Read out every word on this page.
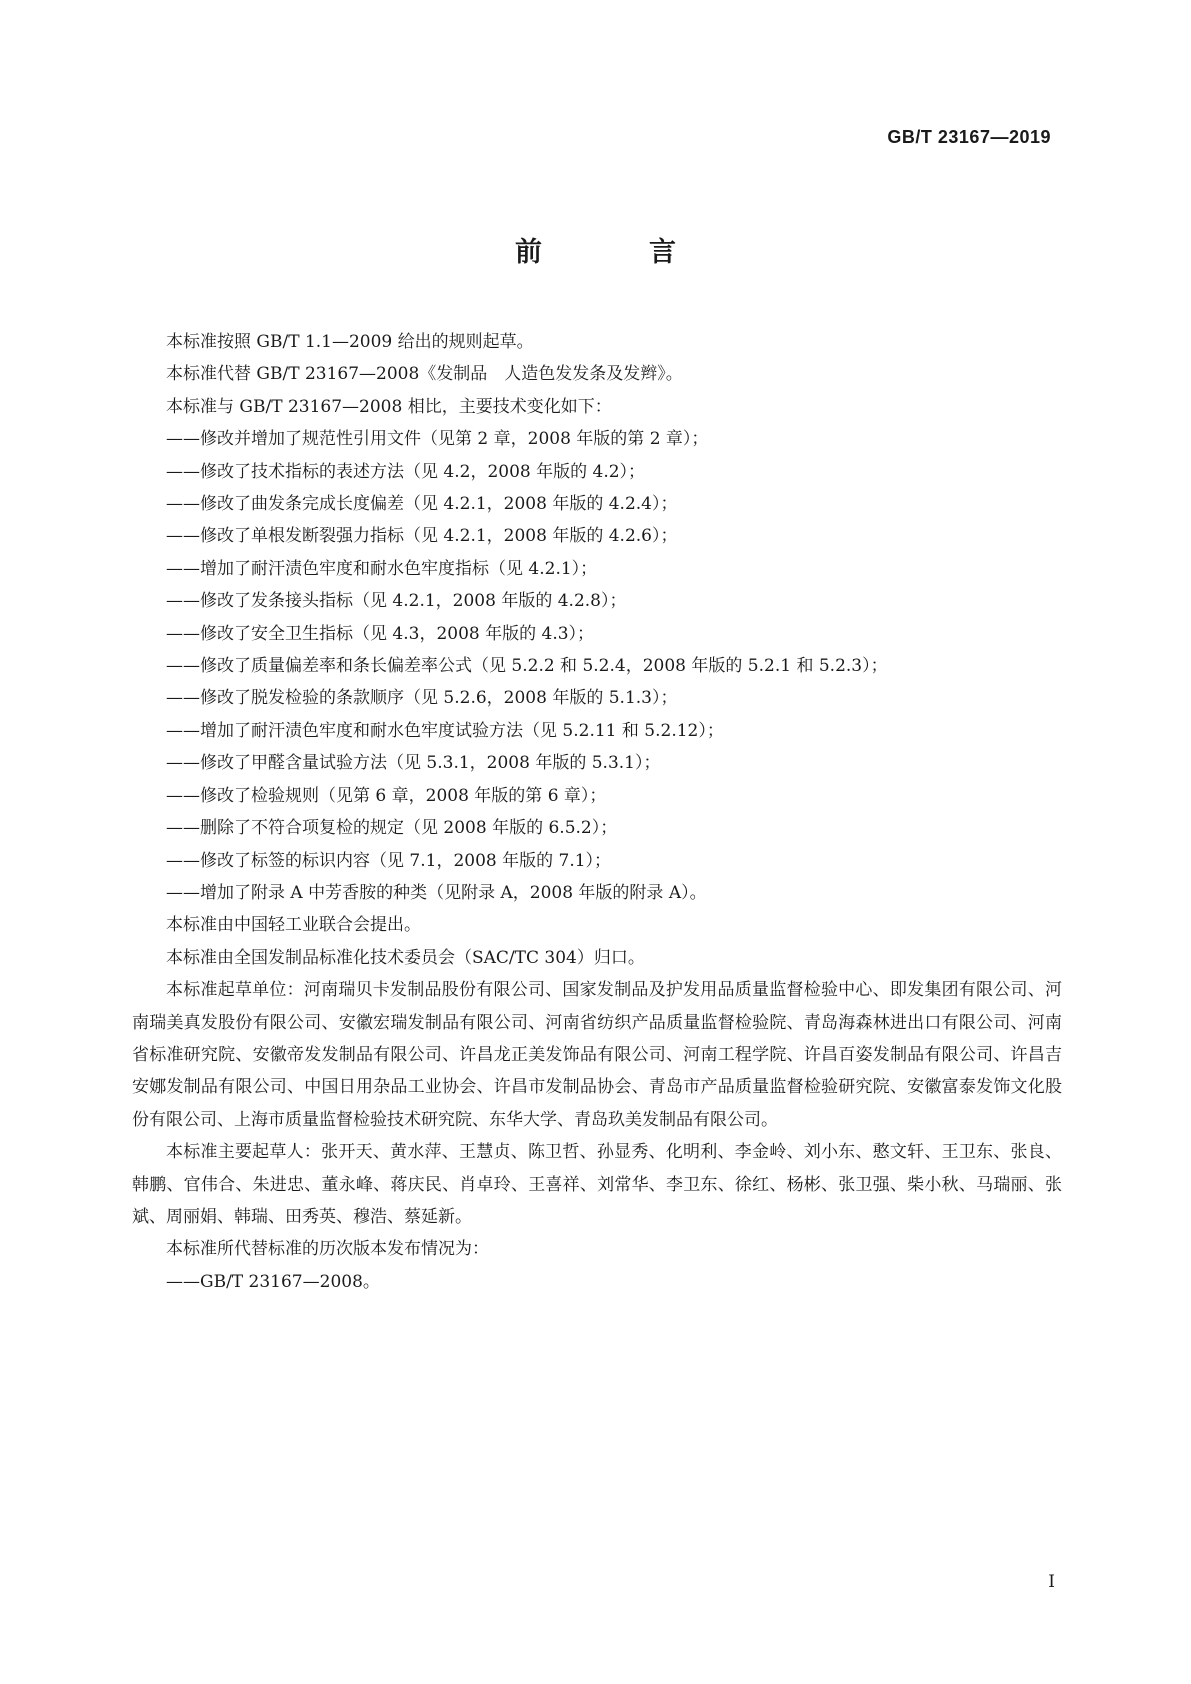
GB/T 23167—2019
前　言

本标准按照 GB/T 1.1—2009 给出的规则起草。

本标准代替 GB/T 23167—2008《发制品　人造色发发条及发辫》。

本标准与 GB/T 23167—2008 相比，主要技术变化如下：

——修改并增加了规范性引用文件（见第 2 章，2008 年版的第 2 章）；

——修改了技术指标的表述方法（见 4.2，2008 年版的 4.2）；

——修改了曲发条完成长度偏差（见 4.2.1，2008 年版的 4.2.4）；

——修改了单根发断裂强力指标（见 4.2.1，2008 年版的 4.2.6）；

——增加了耐汗渍色牢度和耐水色牢度指标（见 4.2.1）；

——修改了发条接头指标（见 4.2.1，2008 年版的 4.2.8）；

——修改了安全卫生指标（见 4.3，2008 年版的 4.3）；

——修改了质量偏差率和条长偏差率公式（见 5.2.2 和 5.2.4，2008 年版的 5.2.1 和 5.2.3）；

——修改了脱发检验的条款顺序（见 5.2.6，2008 年版的 5.1.3）；

——增加了耐汗渍色牢度和耐水色牢度试验方法（见 5.2.11 和 5.2.12）；

——修改了甲醛含量试验方法（见 5.3.1，2008 年版的 5.3.1）；

——修改了检验规则（见第 6 章，2008 年版的第 6 章）；

——删除了不符合项复检的规定（见 2008 年版的 6.5.2）；

——修改了标签的标识内容（见 7.1，2008 年版的 7.1）；

——增加了附录 A 中芳香胺的种类（见附录 A，2008 年版的附录 A）。

本标准由中国轻工业联合会提出。

本标准由全国发制品标准化技术委员会（SAC/TC 304）归口。

本标准起草单位：河南瑞贝卡发制品股份有限公司、国家发制品及护发用品质量监督检验中心、即发集团有限公司、河南瑞美真发股份有限公司、安徽宏瑞发制品有限公司、河南省纺织产品质量监督检验院、青岛海森林进出口有限公司、河南省标准研究院、安徽帝发发制品有限公司、许昌龙正美发饰品有限公司、河南工程学院、许昌百姿发制品有限公司、许昌吉安娜发制品有限公司、中国日用杂品工业协会、许昌市发制品协会、青岛市产品质量监督检验研究院、安徽富泰发饰文化股份有限公司、上海市质量监督检验技术研究院、东华大学、青岛玖美发制品有限公司。

本标准主要起草人：张开天、黄水萍、王慧贞、陈卫哲、孙显秀、化明利、李金岭、刘小东、憨文轩、王卫东、张良、韩鹏、官伟合、朱进忠、董永峰、蒋庆民、肖卓玲、王喜祥、刘常华、李卫东、徐红、杨彬、张卫强、柴小秋、马瑞丽、张斌、周丽娟、韩瑞、田秀英、穆浩、蔡延新。

本标准所代替标准的历次版本发布情况为：

——GB/T 23167—2008。

I
